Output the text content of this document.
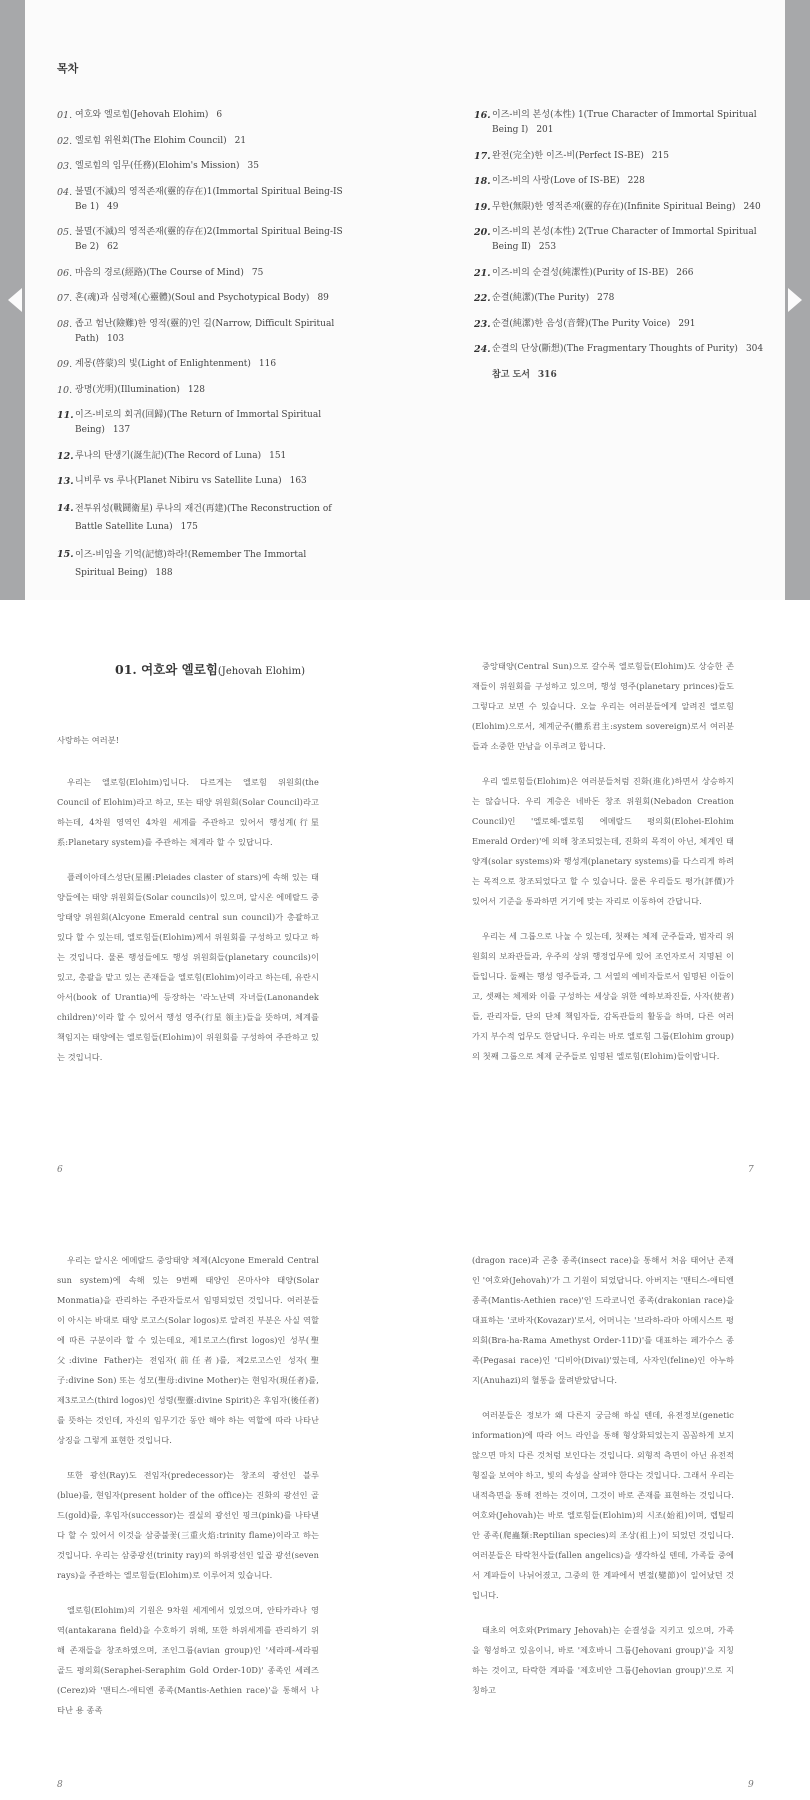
목차
01. 여호와 엘로힘(Jehovah Elohim) 6
02. 엘로힘 위원회(The Elohim Council) 21
03. 엘로힘의 임무(任務)(Elohim's Mission) 35
04. 불멸(不滅)의 영적존재(靈的存在)1(Immortal Spiritual Being-IS Be 1) 49
05. 불멸(不滅)의 영적존재(靈的存在)2(Immortal Spiritual Being-IS Be 2) 62
06. 마음의 경로(經路)(The Course of Mind) 75
07. 혼(魂)과 심령체(心靈體)(Soul and Psychotypical Body) 89
08. 좁고 험난(險難)한 영적(靈的)인 길(Narrow, Difficult Spiritual Path) 103
09. 계몽(啓蒙)의 빛(Light of Enlightenment) 116
10. 광명(光明)(Illumination) 128
11. 이즈-비로의 회귀(回歸)(The Return of Immortal Spiritual Being) 137
12. 루나의 탄생기(誕生記)(The Record of Luna) 151
13. 니비루 vs 루나(Planet Nibiru vs Satellite Luna) 163
14. 전투위성(戰鬪衛星) 루나의 재건(再建)(The Reconstruction of Battle Satellite Luna) 175
15. 이즈-비임을 기억(記憶)하라!(Remember The Immortal Spiritual Being) 188
16. 이즈-비의 본성(本性) 1(True Character of Immortal Spiritual Being Ⅰ) 201
17. 완전(完全)한 이즈-비(Perfect IS-BE) 215
18. 이즈-비의 사랑(Love of IS-BE) 228
19. 무한(無限)한 영적존재(靈的存在)(Infinite Spiritual Being) 240
20. 이즈-비의 본성(本性) 2(True Character of Immortal Spiritual Being Ⅱ) 253
21. 이즈-비의 순결성(純潔性)(Purity of IS-BE) 266
22. 순결(純潔)(The Purity) 278
23. 순결(純潔)한 음성(音聲)(The Purity Voice) 291
24. 순결의 단상(斷想)(The Fragmentary Thoughts of Purity) 304
참고 도서 316
01. 여호와 엘로힘(Jehovah Elohim)

사랑하는 여러분!

우리는 엘로힘(Elohim)입니다. 다르게는 엘로힘 위원회(the Council of Elohim)라고 하고, 또는 태양 위원회(Solar Council)라고 하는데, 4차원 영역인 4차원 세계를 주관하고 있어서 행성계(行星系:Planetary system)를 주관하는 체계라 할 수 있답니다.

플레이아데스성단(星團:Pleiades claster of stars)에 속해 있는 태양들에는 태양 위원회들(Solar councils)이 있으며, 알시온 에메랄드 중앙태양 위원회(Alcyone Emerald central sun council)가 총괄하고 있다 할 수 있는데, 엘로힘들(Elohim)께서 위원회를 구성하고 있다고 하는 것입니다. 물론 행성들에도 행성 위원회들(planetary councils)이 있고, 총괄을 맡고 있는 존재들을 엘로힘(Elohim)이라고 하는데, 유란시아서(book of Urantia)에 등장하는 '라노난덱 자녀들(Lanonandek children)'이라 할 수 있어서 행성 영주(行星 領主)들을 뜻하며, 체계를 책임지는 태양에는 엘로힘들(Elohim)이 위원회를 구성하여 주관하고 있는 것입니다.

6

중앙태양(Central Sun)으로 갈수록 엘로힘들(Elohim)도 상승한 존재들이 위원회를 구성하고 있으며, 행성 영주(planetary princes)들도 그렇다고 보면 수 있습니다. 오늘 우리는 여러분들에게 알려진 엘로힘(Elohim)으로서, 체계군주(體系君主:system sovereign)로서 여러분들과 소중한 만남을 이루려고 합니다.

우리 엘로힘들(Elohim)은 여러분들처럼 진화(進化)하면서 상승하지는 않습니다. 우리 계층은 네바돈 창조 위원회(Nebadon Creation Council)인 '엘로헤-엘로힘 에메랄드 평의회(Elohei-Elohim Emerald Order)'에 의해 창조되었는데, 진화의 목적이 아닌, 체계인 태양계(solar systems)와 행성계(planetary systems)를 다스리게 하려는 목적으로 창조되었다고 할 수 있습니다. 물론 우리들도 평가(評價)가 있어서 기준을 통과하면 거기에 맞는 자리로 이동하여 간답니다.

우리는 세 그룹으로 나눌 수 있는데, 첫째는 체제 군주들과, 범자리 위원회의 보좌관들과, 우주의 상위 행정업무에 있어 조언자로서 지명된 이들입니다. 둘째는 행성 영주들과, 그 서열의 예비자들로서 임명된 이들이고, 셋째는 체제와 이를 구성하는 세상을 위한 예하보좌진들, 사자(使者)들, 관리자들, 단의 단체 책임자들, 감독관들의 활동을 하며, 다른 여러 가지 부수적 업무도 한답니다. 우리는 바로 엘로힘 그룹(Elohim group)의 첫째 그룹으로 체제 군주들로 임명된 엘로힘(Elohim)들이랍니다.

7

우리는 알시온 에메랄드 중앙태양 체제(Alcyone Emerald Central sun system)에 속해 있는 9번째 태양인 몬마사야 태양(Solar Monmatia)을 관리하는 주관자들로서 임명되었던 것입니다. 여러분들이 아시는 바대로 태양 로고스(Solar logos)로 알려진 부분은 사실 역할에 따른 구분이라 할 수 있는데요, 제1로고스(first logos)인 성부(聖父:divine Father)는 전임자(前任者)를, 제2로고스인 성자(聖子:divine Son) 또는 성모(聖母:divine Mother)는 현임자(現任者)를, 제3로고스(third logos)인 성령(聖靈:divine Spirit)은 후임자(後任者)를 뜻하는 것인데, 자신의 임무기간 동안 해야 하는 역할에 따라 나타난 상징을 그렇게 표현한 것입니다.

또한 광선(Ray)도 전임자(predecessor)는 창조의 광선인 블루(blue)를, 현임자(present holder of the office)는 진화의 광선인 골드(gold)를, 후임자(successor)는 결실의 광선인 핑크(pink)를 나타낸다 할 수 있어서 이것을 삼중불꽃(三重火焰:trinity flame)이라고 하는 것입니다. 우리는 삼중광선(trinity ray)의 하위광선인 일곱 광선(seven rays)을 주관하는 엘로힘들(Elohim)로 이루어져 있습니다.

엘로힘(Elohim)의 기원은 9차원 세계에서 있었으며, 안타카라나 영역(antakarana field)을 수호하기 위해, 또한 하위세계를 관리하기 위해 존재들을 창조하였으며, 조인그룹(avian group)인 '세라페-세라핌 골드 평의회(Seraphei-Seraphim Gold Order-10D)' 종족인 세레즈(Cerez)와 '맨티스-애티엔 종족(Mantis-Aethien race)'을 통해서 나타난 용 종족

8

(dragon race)과 곤충 종족(insect race)을 통해서 처음 태어난 존재인 '여호와(Jehovah)'가 그 기원이 되었답니다. 아버지는 '맨티스-애티엔 종족(Mantis-Aethien race)'인 드라코니언 종족(drakonian race)을 대표하는 '코바자(Kovazar)'로서, 어머니는 '브라하-라마 아메시스트 평의회(Bra-ha-Rama Amethyst Order-11D)'를 대표하는 페가수스 종족(Pegasai race)인 '디비아(Divai)'였는데, 사자인(feline)인 아누하지(Anuhazi)의 혈통을 물려받았답니다.

여러분들은 정보가 왜 다른지 궁금해 하실 텐데, 유전정보(genetic information)에 따라 어느 라인을 통해 형상화되었는지 꼼꼼하게 보지 않으면 마치 다른 것처럼 보인다는 것입니다. 외형적 측면이 아닌 유전적 형질을 보여야 하고, 빛의 속성을 살펴야 한다는 것입니다. 그래서 우리는 내적측면을 통해 전하는 것이며, 그것이 바로 존재를 표현하는 것입니다. 여호와(Jehovah)는 바로 엘로힘들(Elohim)의 시조(始祖)이며, 렙틸리안 종족(爬蟲類:Reptilian species)의 조상(祖上)이 되었던 것입니다. 여러분들은 타락천사들(fallen angelics)을 생각하실 텐데, 가족들 중에서 계파들이 나뉘어졌고, 그중의 한 계파에서 변절(變節)이 일어났던 것입니다.

태초의 여호와(Primary Jehovah)는 순결성을 지키고 있으며, 가족을 형성하고 있음이니, 바로 '제호바니 그룹(Jehovani group)'을 지칭하는 것이고, 타락한 계파를 '제호비안 그룹(Jehovian group)'으로 지칭하고

9
